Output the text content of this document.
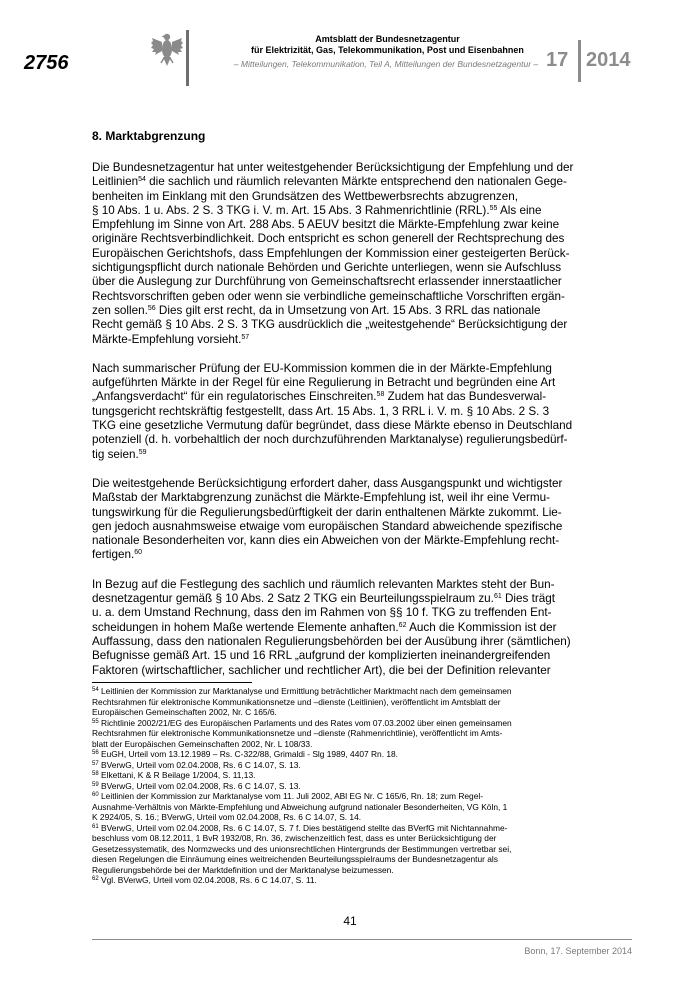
2756
Amtsblatt der Bundesnetzagentur
für Elektrizität, Gas, Telekommunikation, Post und Eisenbahnen
– Mitteilungen, Telekommunikation, Teil A, Mitteilungen der Bundesnetzagentur – 17 2014
8. Marktabgrenzung

Die Bundesnetzagentur hat unter weitestgehender Berücksichtigung der Empfehlung und der
Leitlinien$^{54}$ die sachlich und räumlich relevanten Märkte entsprechend den nationalen Gege-
benheiten im Einklang mit den Grundsätzen des Wettbewerbsrechts abzugrenzen,
§ 10 Abs. 1 u. Abs. 2 S. 3 TKG i. V. m. Art. 15 Abs. 3 Rahmenrichtlinie (RRL).$^{55}$ Als eine
Empfehlung im Sinne von Art. 288 Abs. 5 AEUV besitzt die Märkte-Empfehlung zwar keine
originäre Rechtsverbindlichkeit. Doch entspricht es schon generell der Rechtsprechung des
Europäischen Gerichtshofs, dass Empfehlungen der Kommission einer gesteigerten Berück-
sichtigungspflicht durch nationale Behörden und Gerichte unterliegen, wenn sie Aufschluss
über die Auslegung zur Durchführung von Gemeinschaftsrecht erlassender innerstaatlicher
Rechtsvorschriften geben oder wenn sie verbindliche gemeinschaftliche Vorschriften ergän-
zen sollen.$^{56}$ Dies gilt erst recht, da in Umsetzung von Art. 15 Abs. 3 RRL das nationale
Recht gemäß § 10 Abs. 2 S. 3 TKG ausdrücklich die „weitestgehende“ Berücksichtigung der
Märkte-Empfehlung vorsieht.$^{57}$

Nach summarischer Prüfung der EU-Kommission kommen die in der Märkte-Empfehlung
aufgeführten Märkte in der Regel für eine Regulierung in Betracht und begründen eine Art
„Anfangsverdacht“ für ein regulatorisches Einschreiten.$^{58}$ Zudem hat das Bundesverwal-
tungsgericht rechtskräftig festgestellt, dass Art. 15 Abs. 1, 3 RRL i. V. m. § 10 Abs. 2 S. 3
TKG eine gesetzliche Vermutung dafür begründet, dass diese Märkte ebenso in Deutschland
potenziell (d. h. vorbehaltlich der noch durchzuführenden Marktanalyse) regulierungsbedürf-
tig seien.$^{59}$

Die weitestgehende Berücksichtigung erfordert daher, dass Ausgangspunkt und wichtigster
Maßstab der Marktabgrenzung zunächst die Märkte-Empfehlung ist, weil ihr eine Vermu-
tungswirkung für die Regulierungsbedürftigkeit der darin enthaltenen Märkte zukommt. Lie-
gen jedoch ausnahmsweise etwaige vom europäischen Standard abweichende spezifische
nationale Besonderheiten vor, kann dies ein Abweichen von der Märkte-Empfehlung recht-
fertigen.$^{60}$

In Bezug auf die Festlegung des sachlich und räumlich relevanten Marktes steht der Bun-
desnetzagentur gemäß § 10 Abs. 2 Satz 2 TKG ein Beurteilungsspielraum zu.$^{61}$ Dies trägt
u. a. dem Umstand Rechnung, dass den im Rahmen von §§ 10 f. TKG zu treffenden Ent-
scheidungen in hohem Maße wertende Elemente anhaften.$^{62}$ Auch die Kommission ist der
Auffassung, dass den nationalen Regulierungsbehörden bei der Ausübung ihrer (sämtlichen)
Befugnisse gemäß Art. 15 und 16 RRL „aufgrund der komplizierten ineinandergreifenden
Faktoren (wirtschaftlicher, sachlicher und rechtlicher Art), die bei der Definition relevanter

$^{54}$ Leitlinien der Kommission zur Marktanalyse und Ermittlung beträchtlicher Marktmacht nach dem gemeinsamen
Rechtsrahmen für elektronische Kommunikationsnetze und –dienste (Leitlinien), veröffentlicht im Amtsblatt der
Europäischen Gemeinschaften 2002, Nr. C 165/6.
$^{55}$ Richtlinie 2002/21/EG des Europäischen Parlaments und des Rates vom 07.03.2002 über einen gemeinsamen
Rechtsrahmen für elektronische Kommunikationsnetze und –dienste (Rahmenrichtlinie), veröffentlicht im Amts-
blatt der Europäischen Gemeinschaften 2002, Nr. L 108/33.
$^{56}$ EuGH, Urteil vom 13.12.1989 – Rs. C-322/88, Grimaldi - Slg 1989, 4407 Rn. 18.
$^{57}$ BVerwG, Urteil vom 02.04.2008, Rs. 6 C 14.07, S. 13.
$^{58}$ Elkettani, K & R Beilage 1/2004, S. 11,13.
$^{59}$ BVerwG, Urteil vom 02.04.2008, Rs. 6 C 14.07, S. 13.
$^{60}$ Leitlinien der Kommission zur Marktanalyse vom 11. Juli 2002, ABl EG Nr. C 165/6, Rn. 18; zum Regel-
Ausnahme-Verhältnis von Märkte-Empfehlung und Abweichung aufgrund nationaler Besonderheiten, VG Köln, 1
K 2924/05, S. 16.; BVerwG, Urteil vom 02.04.2008, Rs. 6 C 14.07, S. 14.
$^{61}$ BVerwG, Urteil vom 02.04.2008, Rs. 6 C 14.07, S. 7 f. Dies bestätigend stellte das BVerfG mit Nichtannahme-
beschluss vom 08.12.2011, 1 BvR 1932/08, Rn. 36, zwischenzeitlich fest, dass es unter Berücksichtigung der
Gesetzessystematik, des Normzwecks und des unionsrechtlichen Hintergrunds der Bestimmungen vertretbar sei,
diesen Regelungen die Einräumung eines weitreichenden Beurteilungsspielraums der Bundesnetzagentur als
Regulierungsbehörde bei der Marktdefinition und der Marktanalyse beizumessen.
$^{62}$ Vgl. BVerwG, Urteil vom 02.04.2008, Rs. 6 C 14.07, S. 11.
41
Bonn, 17. September 2014
